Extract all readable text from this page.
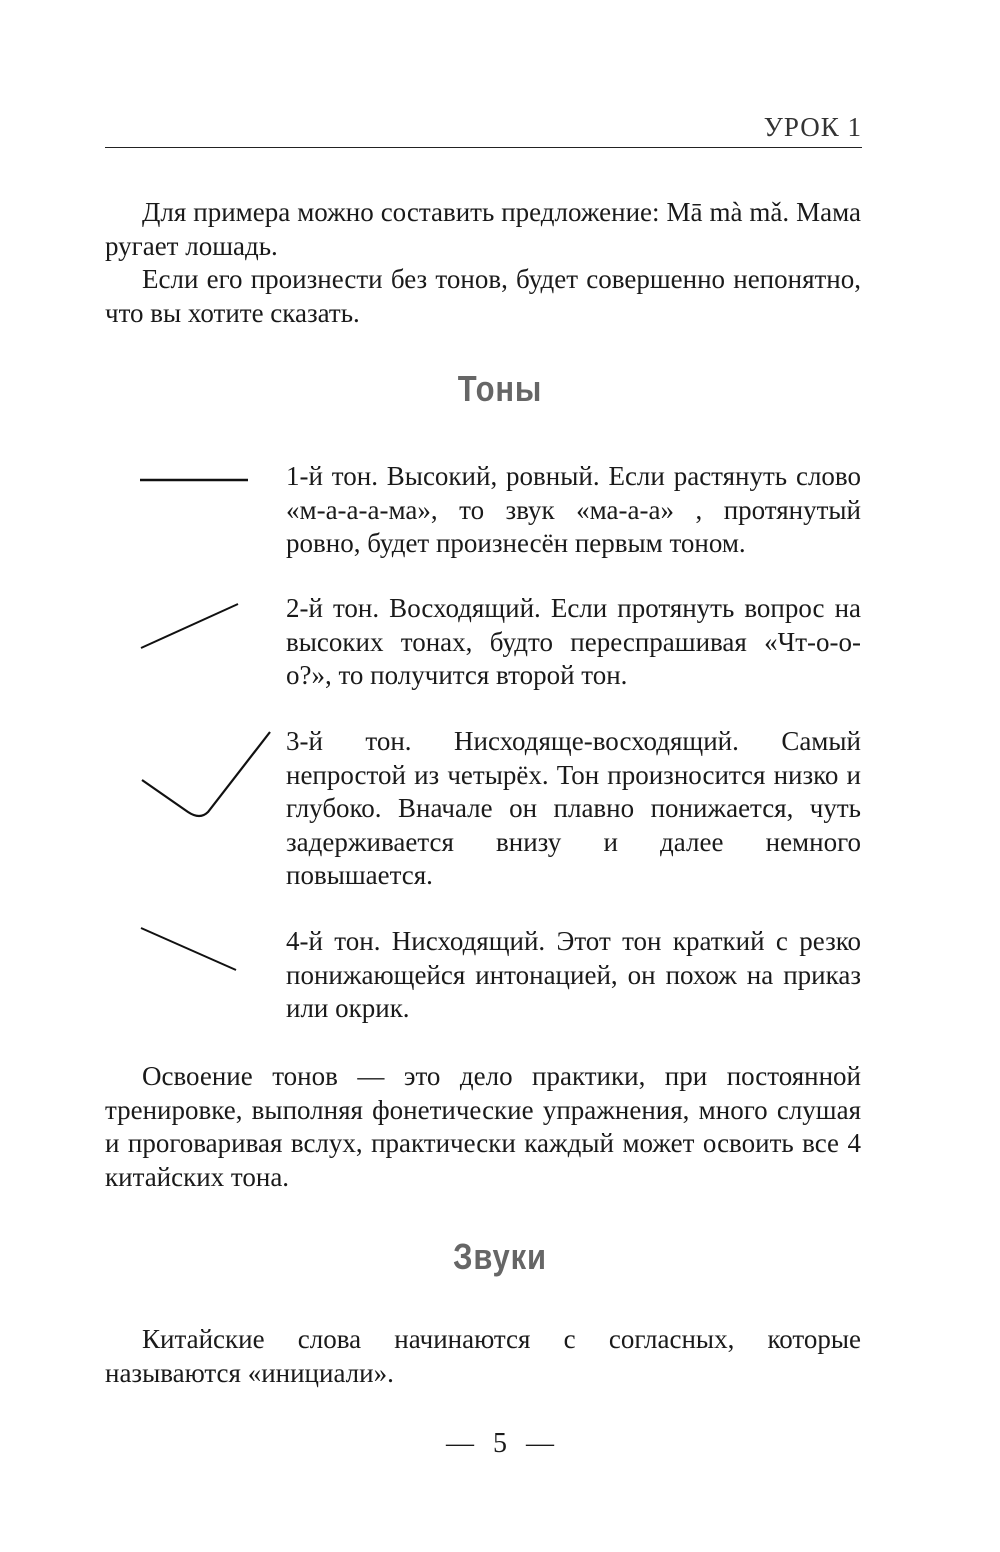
УРОК 1

Для примера можно составить предложение: Mā mà mǎ. Мама ругает лошадь.

Если его произнести без тонов, будет совершенно непонятно, что вы хотите сказать.

Тоны

1-й тон. Высокий, ровный. Если растянуть слово «м-а-а-а-ма», то звук «ма-а-а» , протянутый ровно, будет произнесён первым тоном.

2-й тон. Восходящий. Если протянуть вопрос на высоких тонах, будто переспрашивая «Чт-о-о-о?», то получится второй тон.

3-й тон. Нисходяще-восходящий. Самый непростой из четырёх. Тон произносится низко и глубоко. Вначале он плавно понижается, чуть задерживается внизу и далее немного повышается.

4-й тон. Нисходящий. Этот тон краткий с резко понижающейся интонацией, он похож на приказ или окрик.

Освоение тонов — это дело практики, при постоянной тренировке, выполняя фонетические упражнения, много слушая и проговаривая вслух, практически каждый может освоить все 4 китайских тона.

Звуки

Китайские слова начинаются с согласных, которые называются «инициали».

— 5 —
